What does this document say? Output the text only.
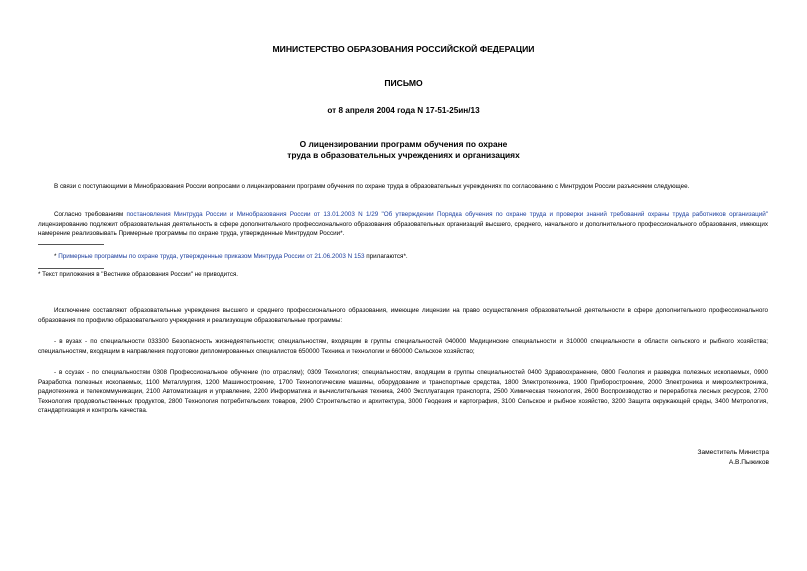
МИНИСТЕРСТВО ОБРАЗОВАНИЯ РОССИЙСКОЙ ФЕДЕРАЦИИ
ПИСЬМО
от 8 апреля 2004 года N 17-51-25ин/13
О лицензировании программ обучения по охране
труда в образовательных учреждениях и организациях
В связи с поступающими в Минобразования России вопросами о лицензировании программ обучения по охране труда в образовательных учреждениях по согласованию с Минтрудом России разъясняем следующее.
Согласно требованиям постановления Минтруда России и Минобразования России от 13.01.2003 N 1/29 "Об утверждении Порядка обучения по охране труда и проверки знаний требований охраны труда работников организаций" лицензированию подлежит образовательная деятельность в сфере дополнительного профессионального образования образовательных организаций высшего, среднего, начального и дополнительного профессионального образования, имеющих намерение реализовывать Примерные программы по охране труда, утвержденные Минтрудом России*.
* Примерные программы по охране труда, утвержденные приказом Минтруда России от 21.06.2003 N 153 прилагаются*.
* Текст приложения в "Вестнике образования России" не приводится.
Исключение составляют образовательные учреждения высшего и среднего профессионального образования, имеющие лицензии на право осуществления образовательной деятельности в сфере дополнительного профессионального образования по профилю образовательного учреждения и реализующие образовательные программы:
- в вузах - по специальности 033300 Безопасность жизнедеятельности; специальностям, входящим в группы специальностей 040000 Медицинские специальности и 310000 специальности в области сельского и рыбного хозяйства; специальностям, входящим в направления подготовки дипломированных специалистов 650000 Техника и технологии и 660000 Сельское хозяйство;
- в ссузах - по специальностям 0308 Профессиональное обучение (по отраслям); 0309 Технология; специальностям, входящим в группы специальностей 0400 Здравоохранение, 0800 Геология и разведка полезных ископаемых, 0900 Разработка полезных ископаемых, 1100 Металлургия, 1200 Машиностроение, 1700 Технологические машины, оборудование и транспортные средства, 1800 Электротехника, 1900 Приборостроение, 2000 Электроника и микроэлектроника, радиотехника и телекоммуникации, 2100 Автоматизация и управление, 2200 Информатика и вычислительная техника, 2400 Эксплуатация транспорта, 2500 Химическая технология, 2600 Воспроизводство и переработка лесных ресурсов, 2700 Технология продовольственных продуктов, 2800 Технология потребительских товаров, 2900 Строительство и архитектура, 3000 Геодезия и картография, 3100 Сельское и рыбное хозяйство, 3200 Защита окружающей среды, 3400 Метрология, стандартизация и контроль качества.
Заместитель Министра
А.В.Пыжиков
